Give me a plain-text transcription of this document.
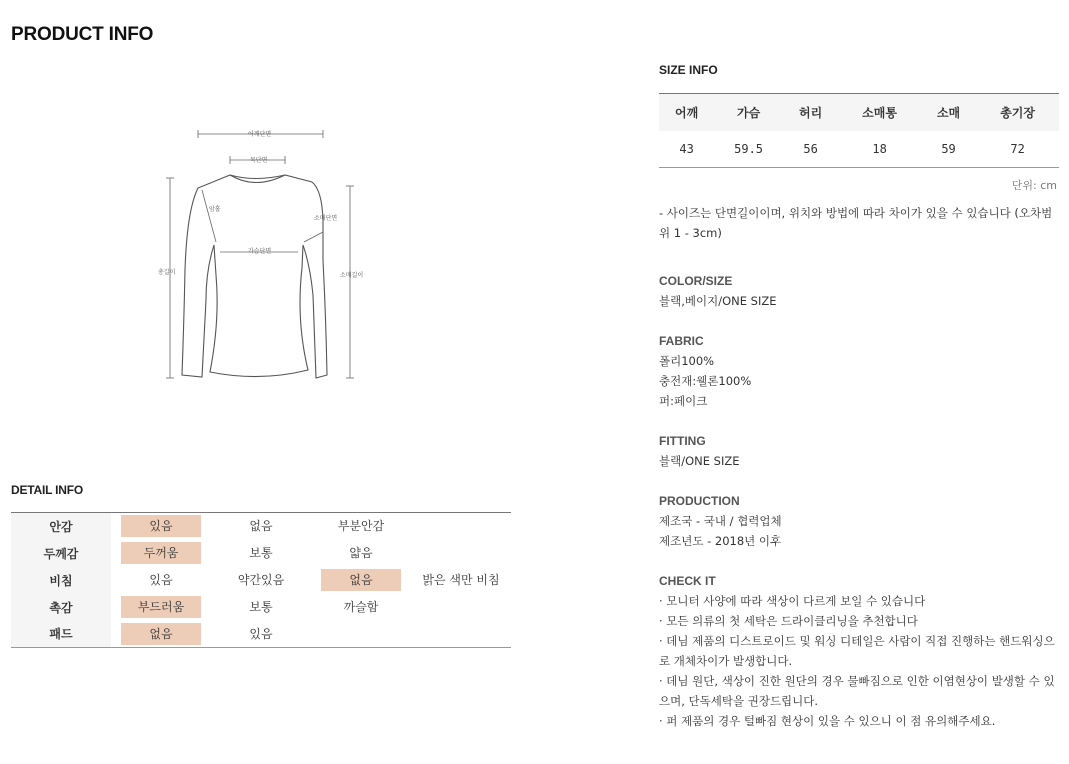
PRODUCT INFO
어깨단면
목단면
암홀
소매단면
가슴단면
총길이	소매길이
DETAIL INFO
안감	있음	없음	부분안감	
두께감	두꺼움	보통	얇음	
비침	있음	약간있음	없음	밝은 색만 비침
촉감	부드러움	보통	까슬함	
패드	없음	있음		
SIZE INFO
어깨	가슴	허리	소매통	소매	총기장
43	59.5	56	18	59	72
단위: cm
- 사이즈는 단면길이이며, 위치와 방법에 따라 차이가 있을 수 있습니다 (오차범위 1 - 3cm)
COLOR/SIZE
블랙,베이지/ONE SIZE
FABRIC
폴리100%
충전재:웰론100%
퍼:페이크
FITTING
블랙/ONE SIZE
PRODUCTION
제조국 - 국내 / 협력업체
제조년도 - 2018년 이후
CHECK IT
· 모니터 사양에 따라 색상이 다르게 보일 수 있습니다
· 모든 의류의 첫 세탁은 드라이클리닝을 추천합니다
· 데님 제품의 디스트로이드 및 워싱 디테일은 사람이 직접 진행하는 핸드워싱으로 개체차이가 발생합니다.
· 데님 원단, 색상이 진한 원단의 경우 물빠짐으로 인한 이염현상이 발생할 수 있으며, 단독세탁을 권장드립니다.
· 퍼 제품의 경우 털빠짐 현상이 있을 수 있으니 이 점 유의해주세요.
